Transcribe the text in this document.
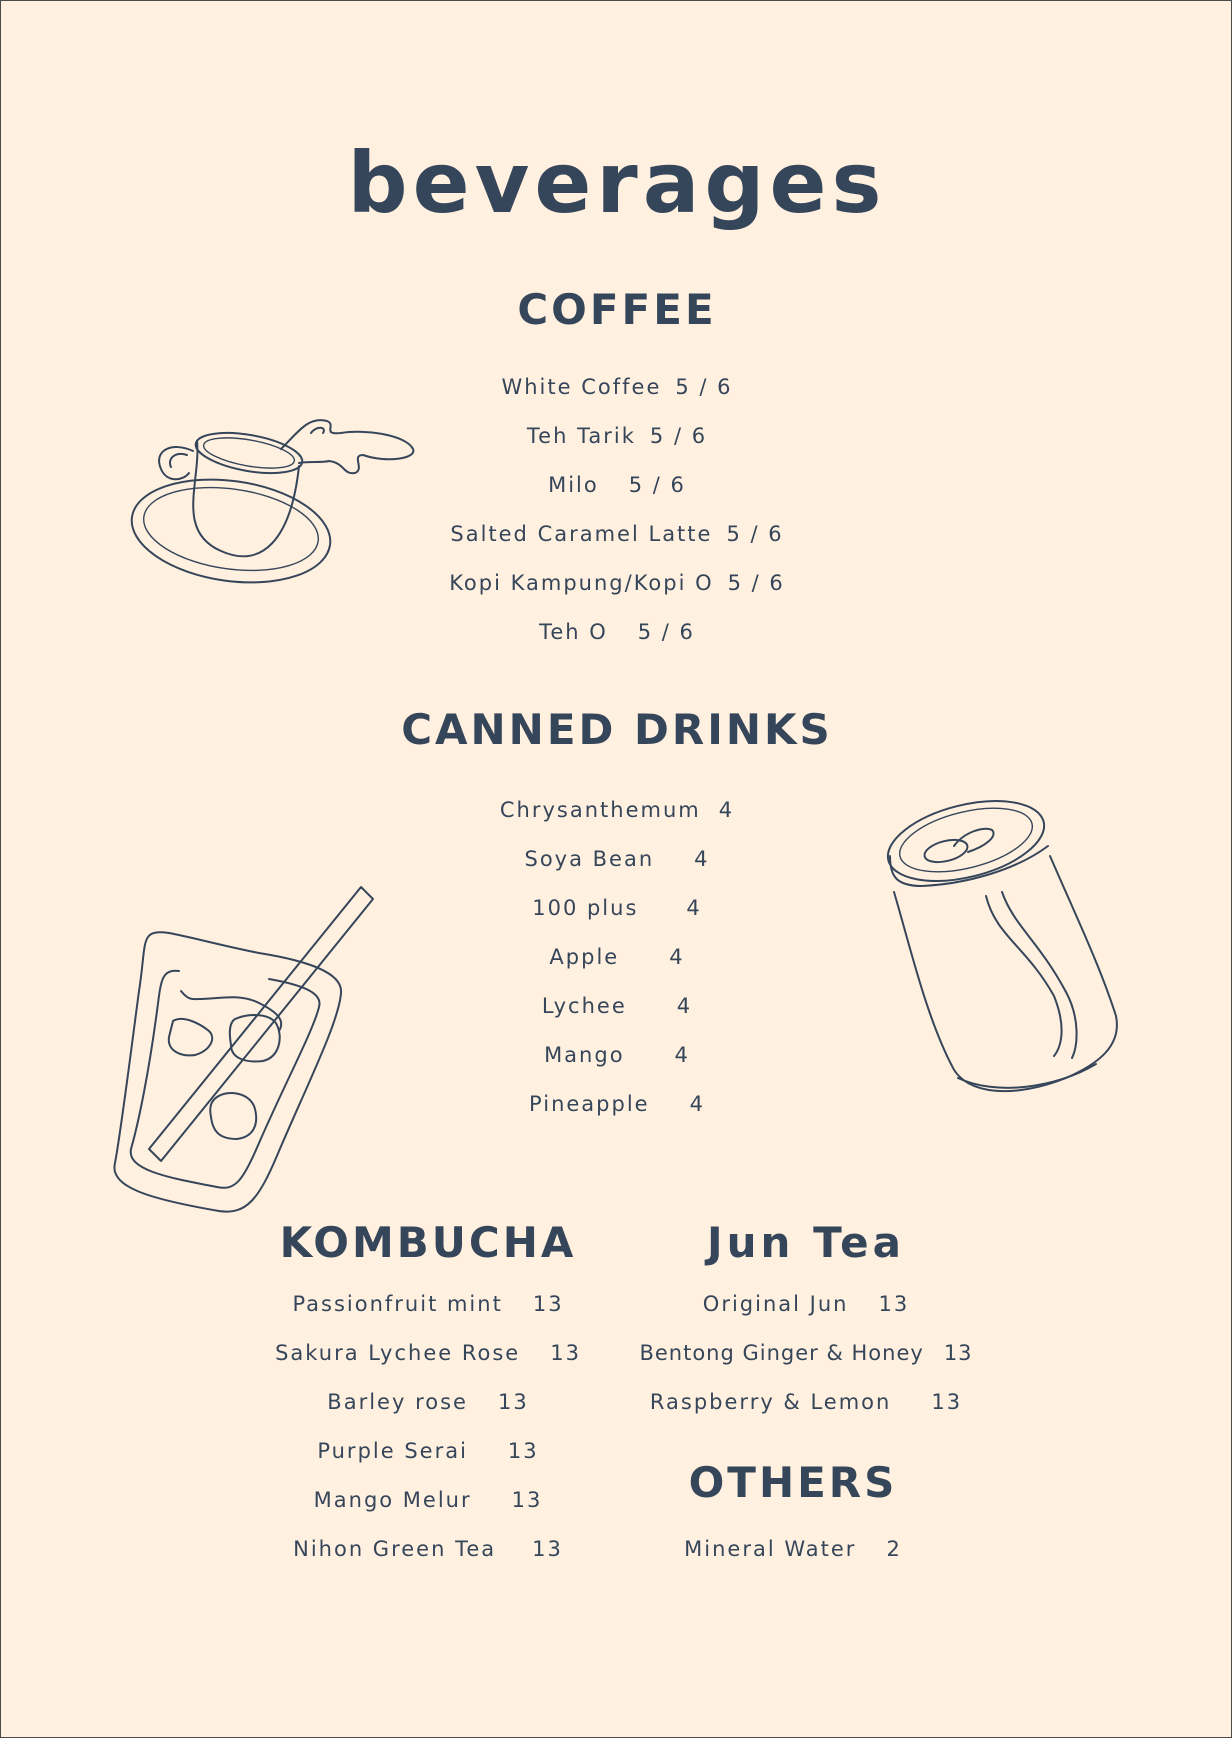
beverages
COFFEE
White Coffee 5 / 6
Teh Tarik 5 / 6
Milo 5 / 6
Salted Caramel Latte 5 / 6
Kopi Kampung/Kopi O 5 / 6
Teh O 5 / 6
CANNED DRINKS
Chrysanthemum 4
Soya Bean 4
100 plus 4
Apple 4
Lychee 4
Mango 4
Pineapple 4
KOMBUCHA
Passionfruit mint 13
Sakura Lychee Rose 13
Barley rose 13
Purple Serai 13
Mango Melur 13
Nihon Green Tea 13
Jun Tea
Original Jun 13
Bentong Ginger & Honey 13
Raspberry & Lemon 13
OTHERS
Mineral Water 2
